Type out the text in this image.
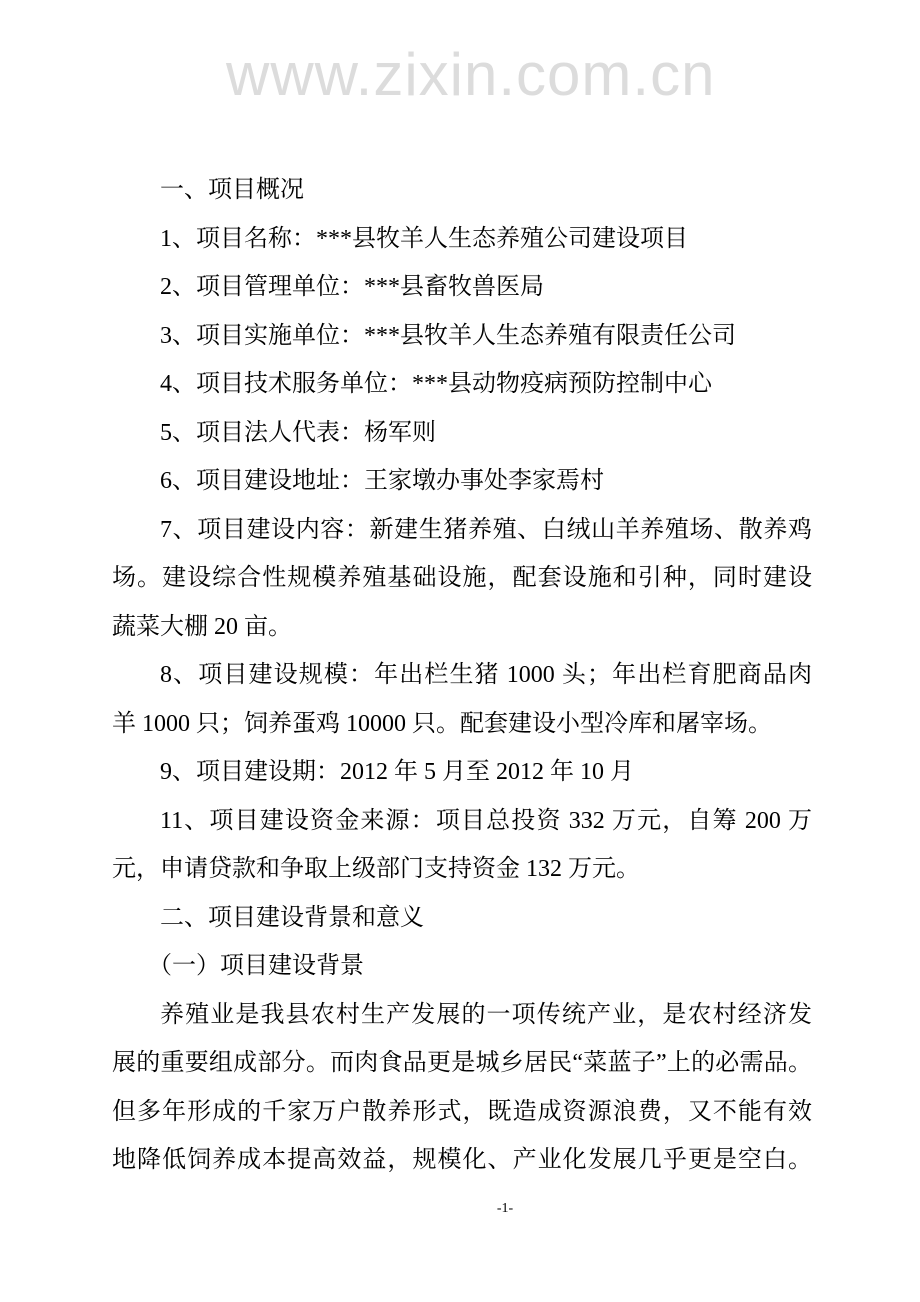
www.zixin.com.cn
一、项目概况
1、项目名称：***县牧羊人生态养殖公司建设项目
2、项目管理单位：***县畜牧兽医局
3、项目实施单位：***县牧羊人生态养殖有限责任公司
4、项目技术服务单位：***县动物疫病预防控制中心
5、项目法人代表：杨军则
6、项目建设地址：王家墩办事处李家焉村
7、项目建设内容：新建生猪养殖、白绒山羊养殖场、散养鸡
场。建设综合性规模养殖基础设施，配套设施和引种，同时建设
蔬菜大棚 20 亩。
8、项目建设规模：年出栏生猪 1000 头；年出栏育肥商品肉
羊 1000 只；饲养蛋鸡 10000 只。配套建设小型冷库和屠宰场。
9、项目建设期：2012 年 5 月至 2012 年 10 月
11、项目建设资金来源：项目总投资 332 万元，自筹 200 万
元，申请贷款和争取上级部门支持资金 132 万元。
二、项目建设背景和意义
（一）项目建设背景
养殖业是我县农村生产发展的一项传统产业，是农村经济发
展的重要组成部分。而肉食品更是城乡居民“菜蓝子”上的必需品。
但多年形成的千家万户散养形式，既造成资源浪费，又不能有效
地降低饲养成本提高效益，规模化、产业化发展几乎更是空白。
-1-
